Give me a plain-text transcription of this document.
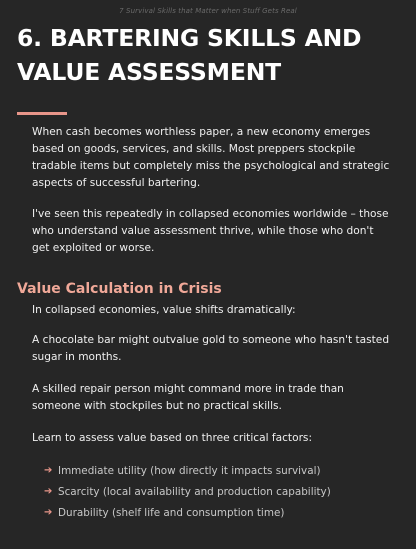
7 Survival Skills that Matter when Stuff Gets Real
6. BARTERING SKILLS AND VALUE ASSESSMENT

When cash becomes worthless paper, a new economy emerges based on goods, services, and skills. Most preppers stockpile tradable items but completely miss the psychological and strategic aspects of successful bartering.

I've seen this repeatedly in collapsed economies worldwide – those who understand value assessment thrive, while those who don't get exploited or worse.

Value Calculation in Crisis

In collapsed economies, value shifts dramatically:

A chocolate bar might outvalue gold to someone who hasn't tasted sugar in months.

A skilled repair person might command more in trade than someone with stockpiles but no practical skills.

Learn to assess value based on three critical factors:

➔ Immediate utility (how directly it impacts survival)
➔ Scarcity (local availability and production capability)
➔ Durability (shelf life and consumption time)
